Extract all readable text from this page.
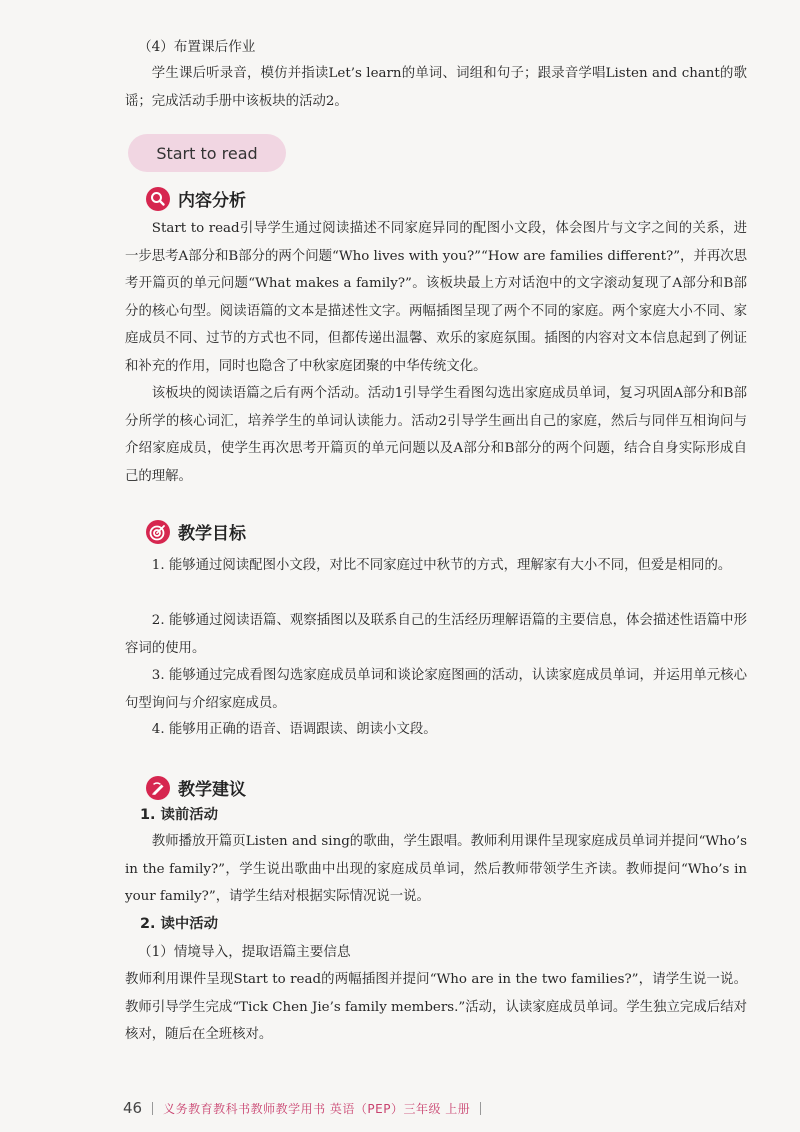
（4）布置课后作业

学生课后听录音，模仿并指读Let’s learn的单词、词组和句子；跟录音学唱Listen and chant的歌谣；完成活动手册中该板块的活动2。

Start to read
内容分析

Start to read引导学生通过阅读描述不同家庭异同的配图小文段，体会图片与文字之间的关系，进一步思考A部分和B部分的两个问题“Who lives with you?”“How are families different?”，并再次思考开篇页的单元问题“What makes a family?”。该板块最上方对话泡中的文字滚动复现了A部分和B部分的核心句型。阅读语篇的文本是描述性文字。两幅插图呈现了两个不同的家庭。两个家庭大小不同、家庭成员不同、过节的方式也不同，但都传递出温馨、欢乐的家庭氛围。插图的内容对文本信息起到了例证和补充的作用，同时也隐含了中秋家庭团聚的中华传统文化。

该板块的阅读语篇之后有两个活动。活动1引导学生看图勾选出家庭成员单词，复习巩固A部分和B部分所学的核心词汇，培养学生的单词认读能力。活动2引导学生画出自己的家庭，然后与同伴互相询问与介绍家庭成员，使学生再次思考开篇页的单元问题以及A部分和B部分的两个问题，结合自身实际形成自己的理解。

教学目标

1. 能够通过阅读配图小文段，对比不同家庭过中秋节的方式，理解家有大小不同，但爱是相同的。

2. 能够通过阅读语篇、观察插图以及联系自己的生活经历理解语篇的主要信息，体会描述性语篇中形容词的使用。

3. 能够通过完成看图勾选家庭成员单词和谈论家庭图画的活动，认读家庭成员单词，并运用单元核心句型询问与介绍家庭成员。

4. 能够用正确的语音、语调跟读、朗读小文段。

教学建议

1. 读前活动

教师播放开篇页Listen and sing的歌曲，学生跟唱。教师利用课件呈现家庭成员单词并提问“Who’s in the family?”，学生说出歌曲中出现的家庭成员单词，然后教师带领学生齐读。教师提问“Who’s in your family?”，请学生结对根据实际情况说一说。

2. 读中活动

（1）情境导入，提取语篇主要信息

教师利用课件呈现Start to read的两幅插图并提问“Who are in the two families?”，请学生说一说。教师引导学生完成“Tick Chen Jie’s family members.”活动，认读家庭成员单词。学生独立完成后结对核对，随后在全班核对。

46 义务教育教科书教师教学用书 英语（PEP）三年级 上册
